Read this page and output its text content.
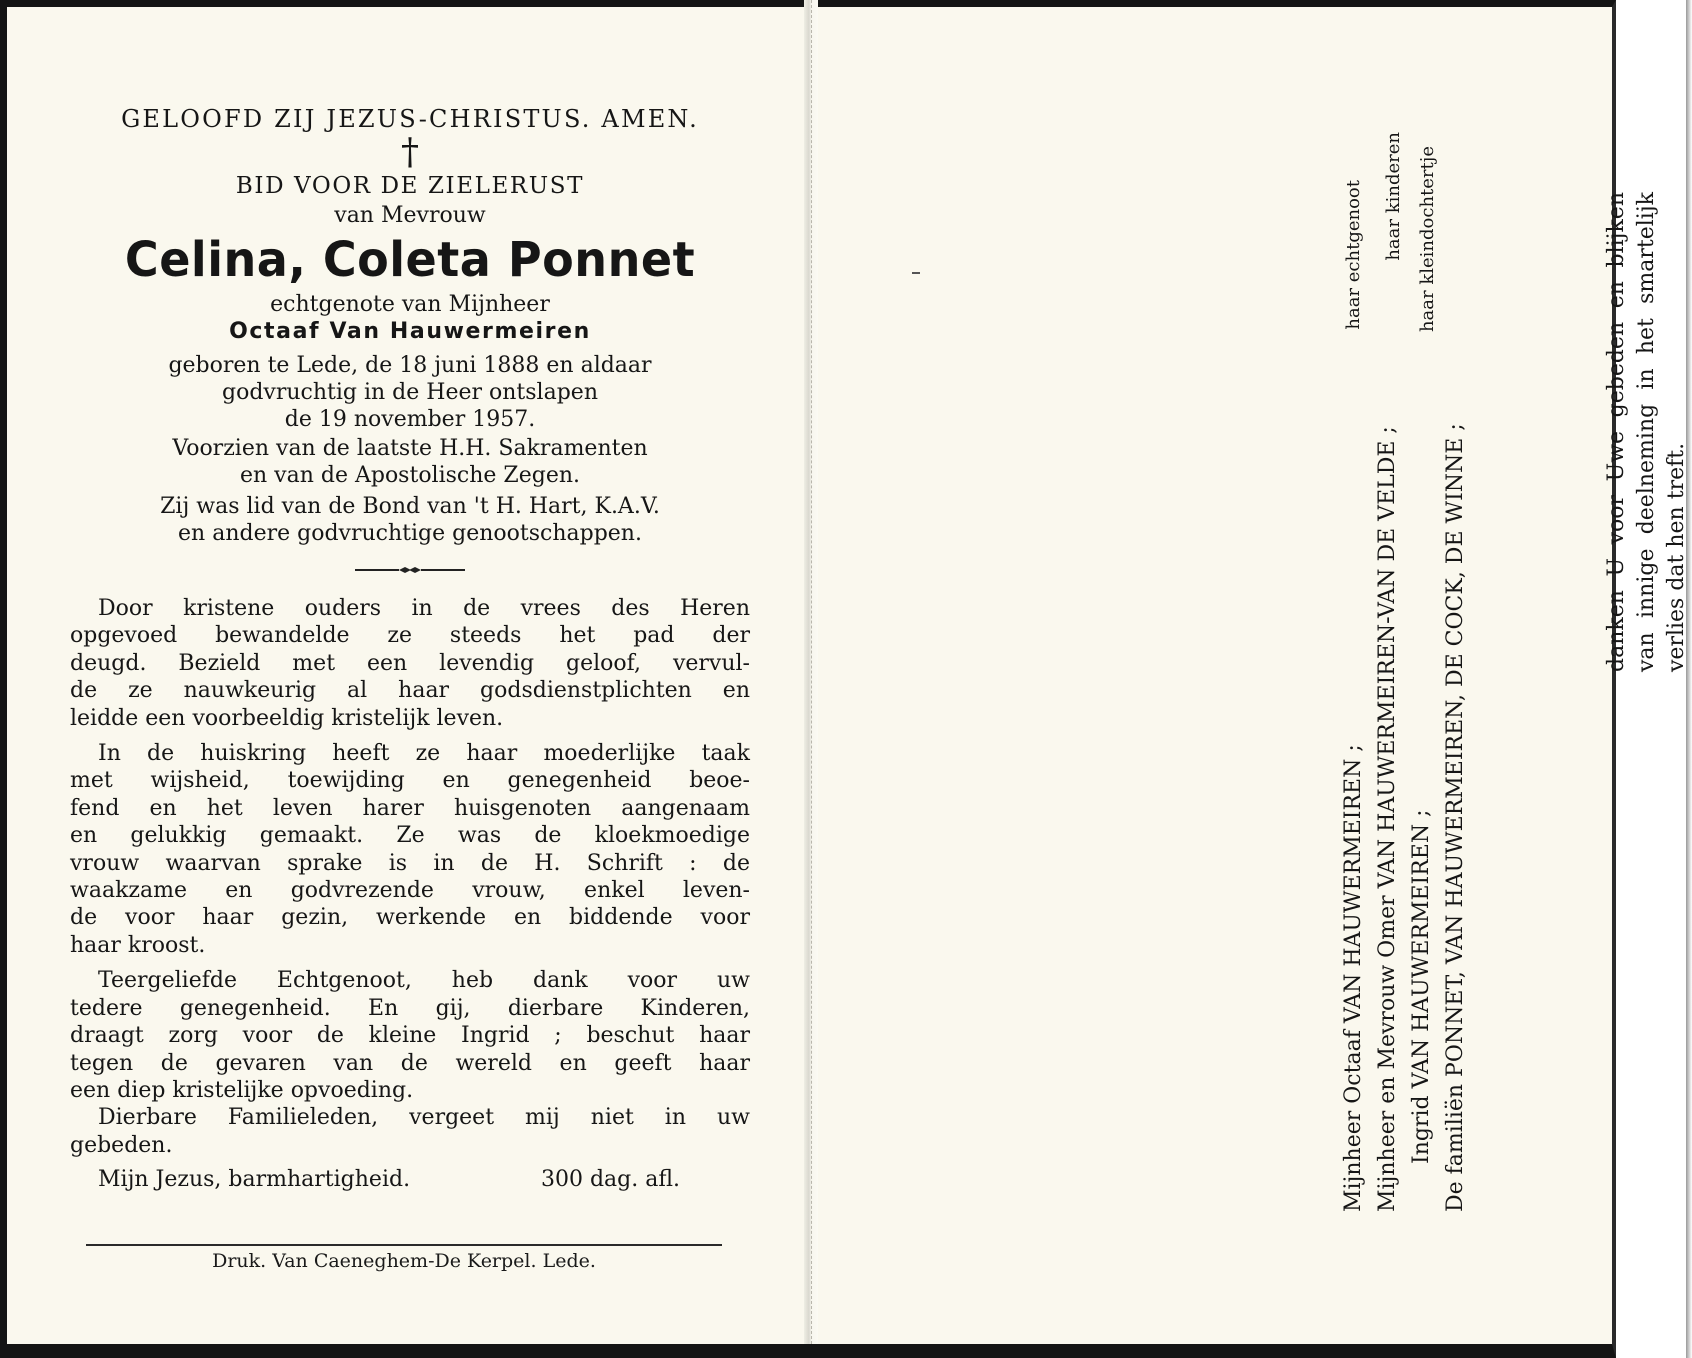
GELOOFD ZIJ JEZUS-CHRISTUS. AMEN.
†
BID VOOR DE ZIELERUST
van Mevrouw
Celina, Coleta Ponnet
echtgenote van Mijnheer
Octaaf Van Hauwermeiren
geboren te Lede, de 18 juni 1888 en aldaar
godvruchtig in de Heer ontslapen
de 19 november 1957.
Voorzien van de laatste H.H. Sakramenten
en van de Apostolische Zegen.
Zij was lid van de Bond van 't H. Hart, K.A.V.
en andere godvruchtige genootschappen.
Door kristene ouders in de vrees des Heren
opgevoed bewandelde ze steeds het pad der
deugd. Bezield met een levendig geloof, vervul-
de ze nauwkeurig al haar godsdienstplichten en
leidde een voorbeeldig kristelijk leven.
In de huiskring heeft ze haar moederlijke taak
met wijsheid, toewijding en genegenheid beoe-
fend en het leven harer huisgenoten aangenaam
en gelukkig gemaakt. Ze was de kloekmoedige
vrouw waarvan sprake is in de H. Schrift : de
waakzame en godvrezende vrouw, enkel leven-
de voor haar gezin, werkende en biddende voor
haar kroost.
Teergeliefde Echtgenoot, heb dank voor uw
tedere genegenheid. En gij, dierbare Kinderen,
draagt zorg voor de kleine Ingrid ; beschut haar
tegen de gevaren van de wereld en geeft haar
een diep kristelijke opvoeding.
Dierbare Familieleden, vergeet mij niet in uw
gebeden.
Mijn Jezus, barmhartigheid.	300 dag. afl.
Druk. Van Caeneghem-De Kerpel. Lede.
Mijnheer Octaaf VAN HAUWERMEIREN ;
haar echtgenoot
Mijnheer en Mevrouw Omer VAN HAUWERMEIREN-VAN DE VELDE ;
haar kinderen
Ingrid VAN HAUWERMEIREN ;
haar kleindochtertje
De familiën PONNET, VAN HAUWERMEIREN, DE COCK, DE WINNE ;	danken U voor Uwe gebeden en blijken van innige deelneming in het smartelijk verlies dat hen treft.
